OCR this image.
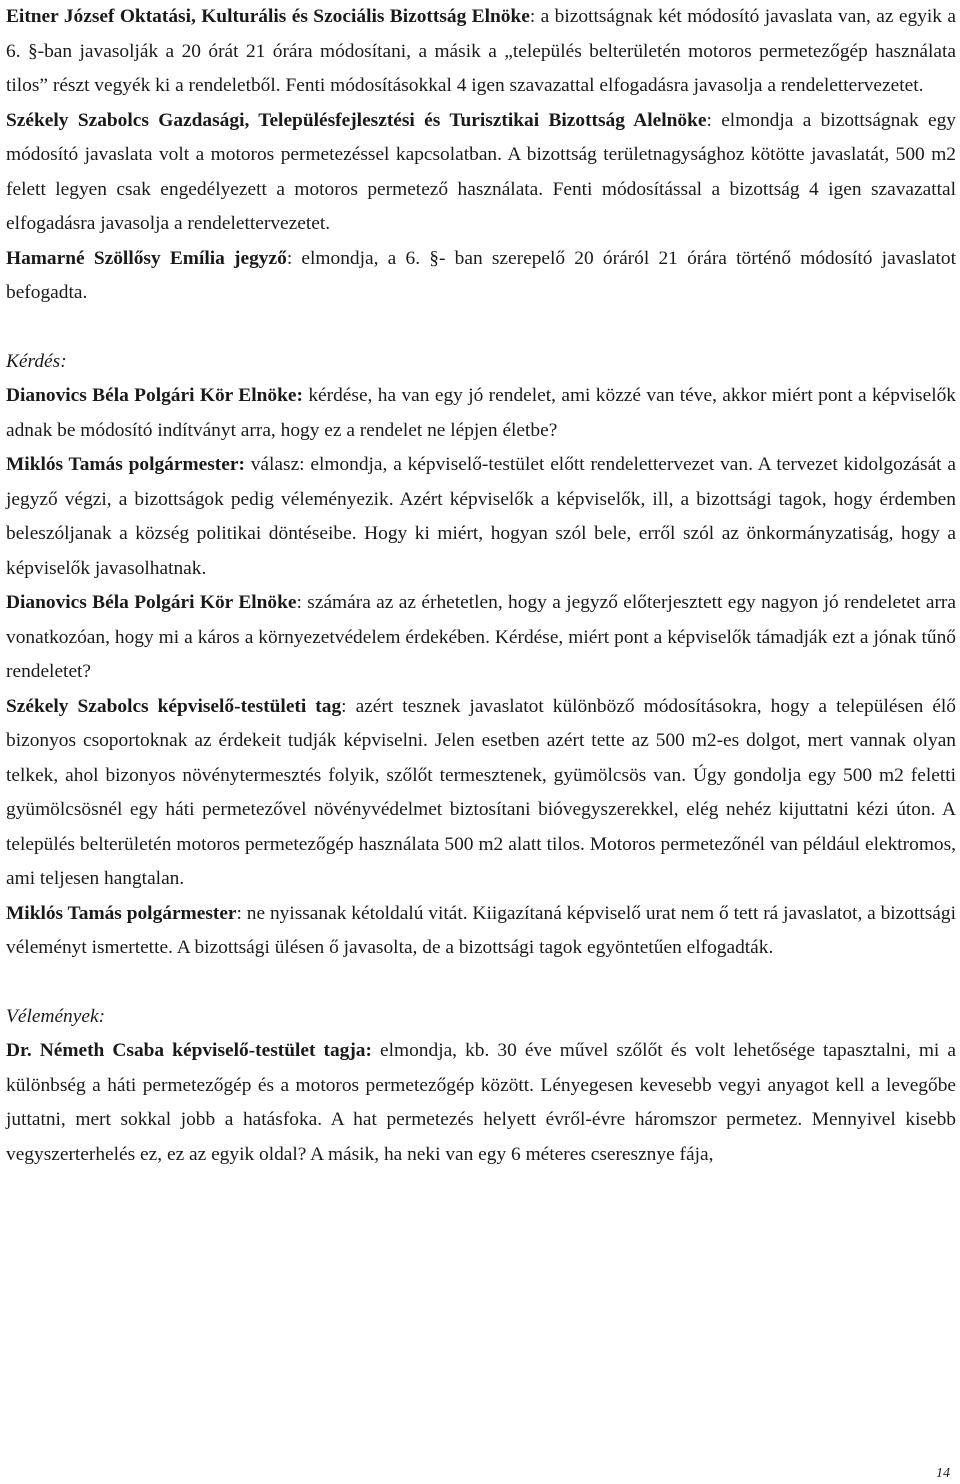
Eitner József Oktatási, Kulturális és Szociális Bizottság Elnöke: a bizottságnak két módosító javaslata van, az egyik a 6. §-ban javasolják a 20 órát 21 órára módosítani, a másik a „település belterületén motoros permetezőgép használata tilos” részt vegyék ki a rendeletből. Fenti módosításokkal 4 igen szavazattal elfogadásra javasolja a rendelettervezetet.

Székely Szabolcs Gazdasági, Településfejlesztési és Turisztikai Bizottság Alelnöke: elmondja a bizottságnak egy módosító javaslata volt a motoros permetezéssel kapcsolatban. A bizottság területnagysághoz kötötte javaslatát, 500 m2 felett legyen csak engedélyezett a motoros permetező használata. Fenti módosítással a bizottság 4 igen szavazattal elfogadásra javasolja a rendelettervezetet.

Hamarné Szöllősy Emília jegyző: elmondja, a 6. §- ban szerepelő 20 óráról 21 órára történő módosító javaslatot befogadta.

Kérdés:

Dianovics Béla Polgári Kör Elnöke: kérdése, ha van egy jó rendelet, ami közzé van téve, akkor miért pont a képviselők adnak be módosító indítványt arra, hogy ez a rendelet ne lépjen életbe?

Miklós Tamás polgármester: válasz: elmondja, a képviselő-testület előtt rendelettervezet van. A tervezet kidolgozását a jegyző végzi, a bizottságok pedig véleményezik. Azért képviselők a képviselők, ill, a bizottsági tagok, hogy érdemben beleszóljanak a község politikai döntéseibe. Hogy ki miért, hogyan szól bele, erről szól az önkormányzatiság, hogy a képviselők javasolhatnak.

Dianovics Béla Polgári Kör Elnöke: számára az az érhetetlen, hogy a jegyző előterjesztett egy nagyon jó rendeletet arra vonatkozóan, hogy mi a káros a környezetvédelem érdekében. Kérdése, miért pont a képviselők támadják ezt a jónak tűnő rendeletet?

Székely Szabolcs képviselő-testületi tag: azért tesznek javaslatot különböző módosításokra, hogy a településen élő bizonyos csoportoknak az érdekeit tudják képviselni. Jelen esetben azért tette az 500 m2-es dolgot, mert vannak olyan telkek, ahol bizonyos növénytermesztés folyik, szőlőt termesztenek, gyümölcsös van. Úgy gondolja egy 500 m2 feletti gyümölcsösnél egy háti permetezővel növényvédelmet biztosítani bióvegyszerekkel, elég nehéz kijuttatni kézi úton. A település belterületén motoros permetezőgép használata 500 m2 alatt tilos. Motoros permetezőnél van például elektromos, ami teljesen hangtalan.

Miklós Tamás polgármester: ne nyissanak kétoldalú vitát. Kiigazítaná képviselő urat nem ő tett rá javaslatot, a bizottsági véleményt ismertette. A bizottsági ülésen ő javasolta, de a bizottsági tagok egyöntetűen elfogadták.

Vélemények:

Dr. Németh Csaba képviselő-testület tagja: elmondja, kb. 30 éve művel szőlőt és volt lehetősége tapasztalni, mi a különbség a háti permetezőgép és a motoros permetezőgép között. Lényegesen kevesebb vegyi anyagot kell a levegőbe juttatni, mert sokkal jobb a hatásfoka. A hat permetezés helyett évről-évre háromszor permetez. Mennyivel kisebb vegyszerterhelés ez, ez az egyik oldal? A másik, ha neki van egy 6 méteres cseresznye fája,

14
